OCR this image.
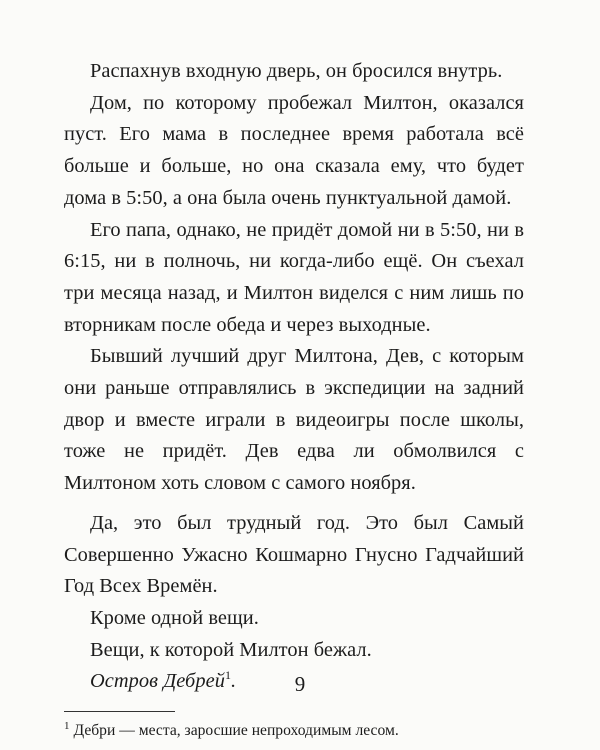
Распахнув входную дверь, он бросился внутрь.

Дом, по которому пробежал Милтон, оказался пуст. Его мама в последнее время работала всё больше и больше, но она сказала ему, что будет дома в 5:50, а она была очень пунктуальной дамой.

Его папа, однако, не придёт домой ни в 5:50, ни в 6:15, ни в полночь, ни когда-либо ещё. Он съехал три месяца назад, и Милтон виделся с ним лишь по вторникам после обеда и через выходные.

Бывший лучший друг Милтона, Дев, с которым они раньше отправлялись в экспедиции на задний двор и вместе играли в видеоигры после школы, тоже не придёт. Дев едва ли обмолвился с Милтоном хоть словом с самого ноября.

Да, это был трудный год. Это был Самый Совершенно Ужасно Кошмарно Гнусно Гадчайший Год Всех Времён.

Кроме одной вещи.

Вещи, к которой Милтон бежал.

Остров Дебрей$^1$.

$^1$ Дебри — места, заросшие непроходимым лесом.

9
